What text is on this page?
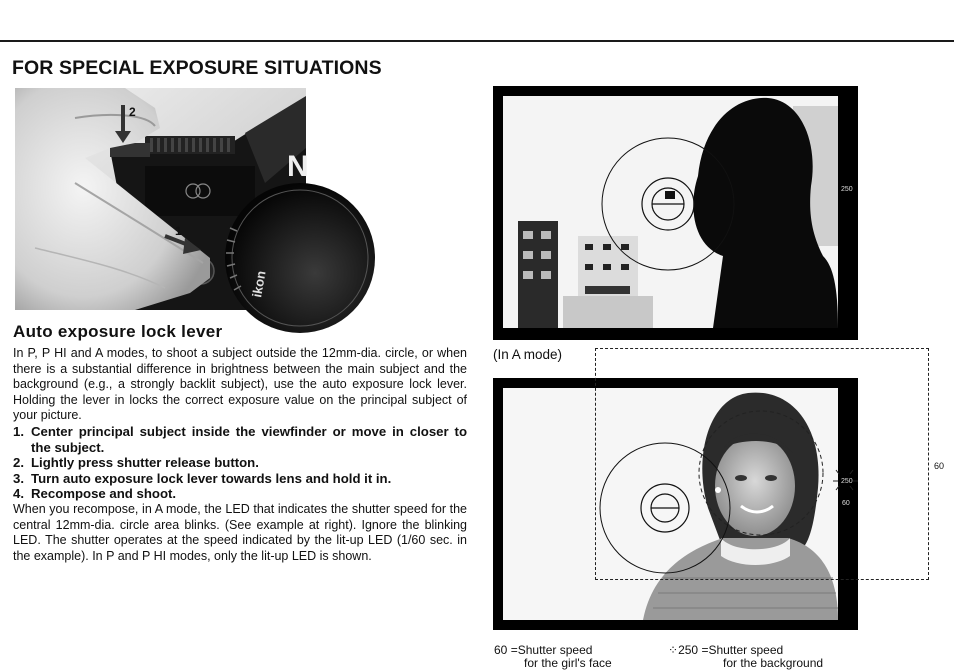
FOR SPECIAL EXPOSURE SITUATIONS
N
ikon
2
1
Auto exposure lock lever

In P, P HI and A modes, to shoot a subject outside the 12mm-dia. circle, or when there is a substantial difference in brightness between the main subject and the background (e.g., a strongly backlit subject), use the auto exposure lock lever. Holding the lever in locks the correct exposure value on the principal subject of your picture.

1. Center principal subject inside the viewfinder or move in closer to the subject.
2. Lightly press shutter release button.
3. Turn auto exposure lock lever towards lens and hold it in.
4. Recompose and shoot.

When you recompose, in A mode, the LED that indicates the shutter speed for the central 12mm-dia. circle area blinks. (See example at right). Ignore the blinking LED. The shutter operates at the speed indicated by the lit-up LED (1/60 sec. in the example). In P and P HI modes, only the lit-up LED is shown.

250
(In A mode)
250
60
60
60 =Shutter speed
for the girl's face
⁘250 =Shutter speed
for the background
